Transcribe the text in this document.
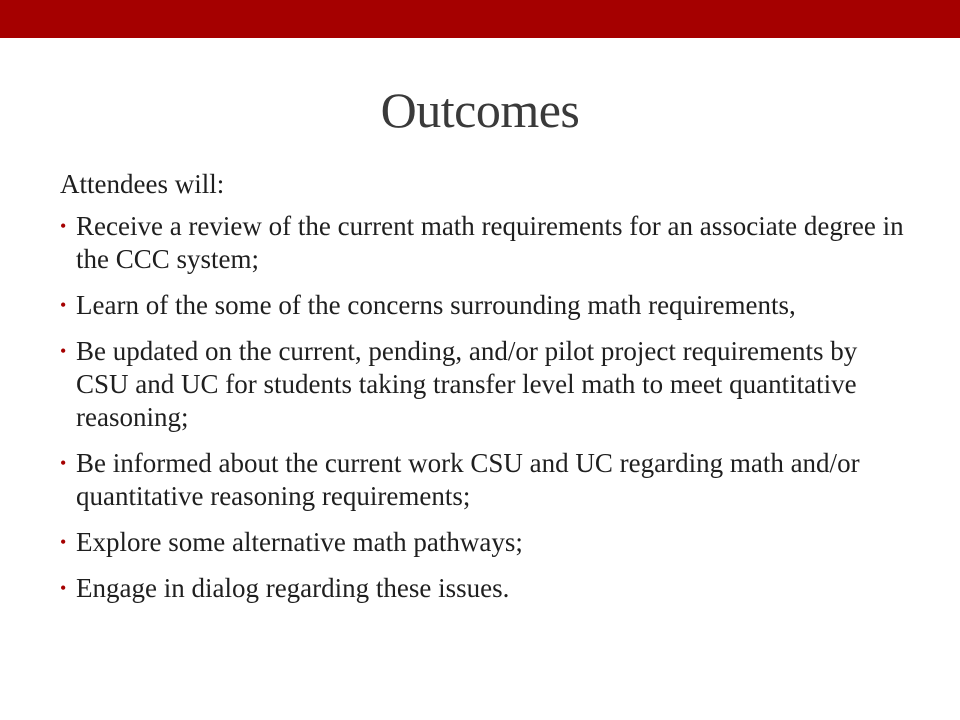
Outcomes
Attendees will:
• Receive a review of the current math requirements for an associate degree in the CCC system;
• Learn of the some of the concerns surrounding math requirements,
• Be updated on the current, pending, and/or pilot project requirements by CSU and UC for students taking transfer level math to meet quantitative reasoning;
• Be informed about the current work CSU and UC regarding math and/or quantitative reasoning requirements;
• Explore some alternative math pathways;
• Engage in dialog regarding these issues.
